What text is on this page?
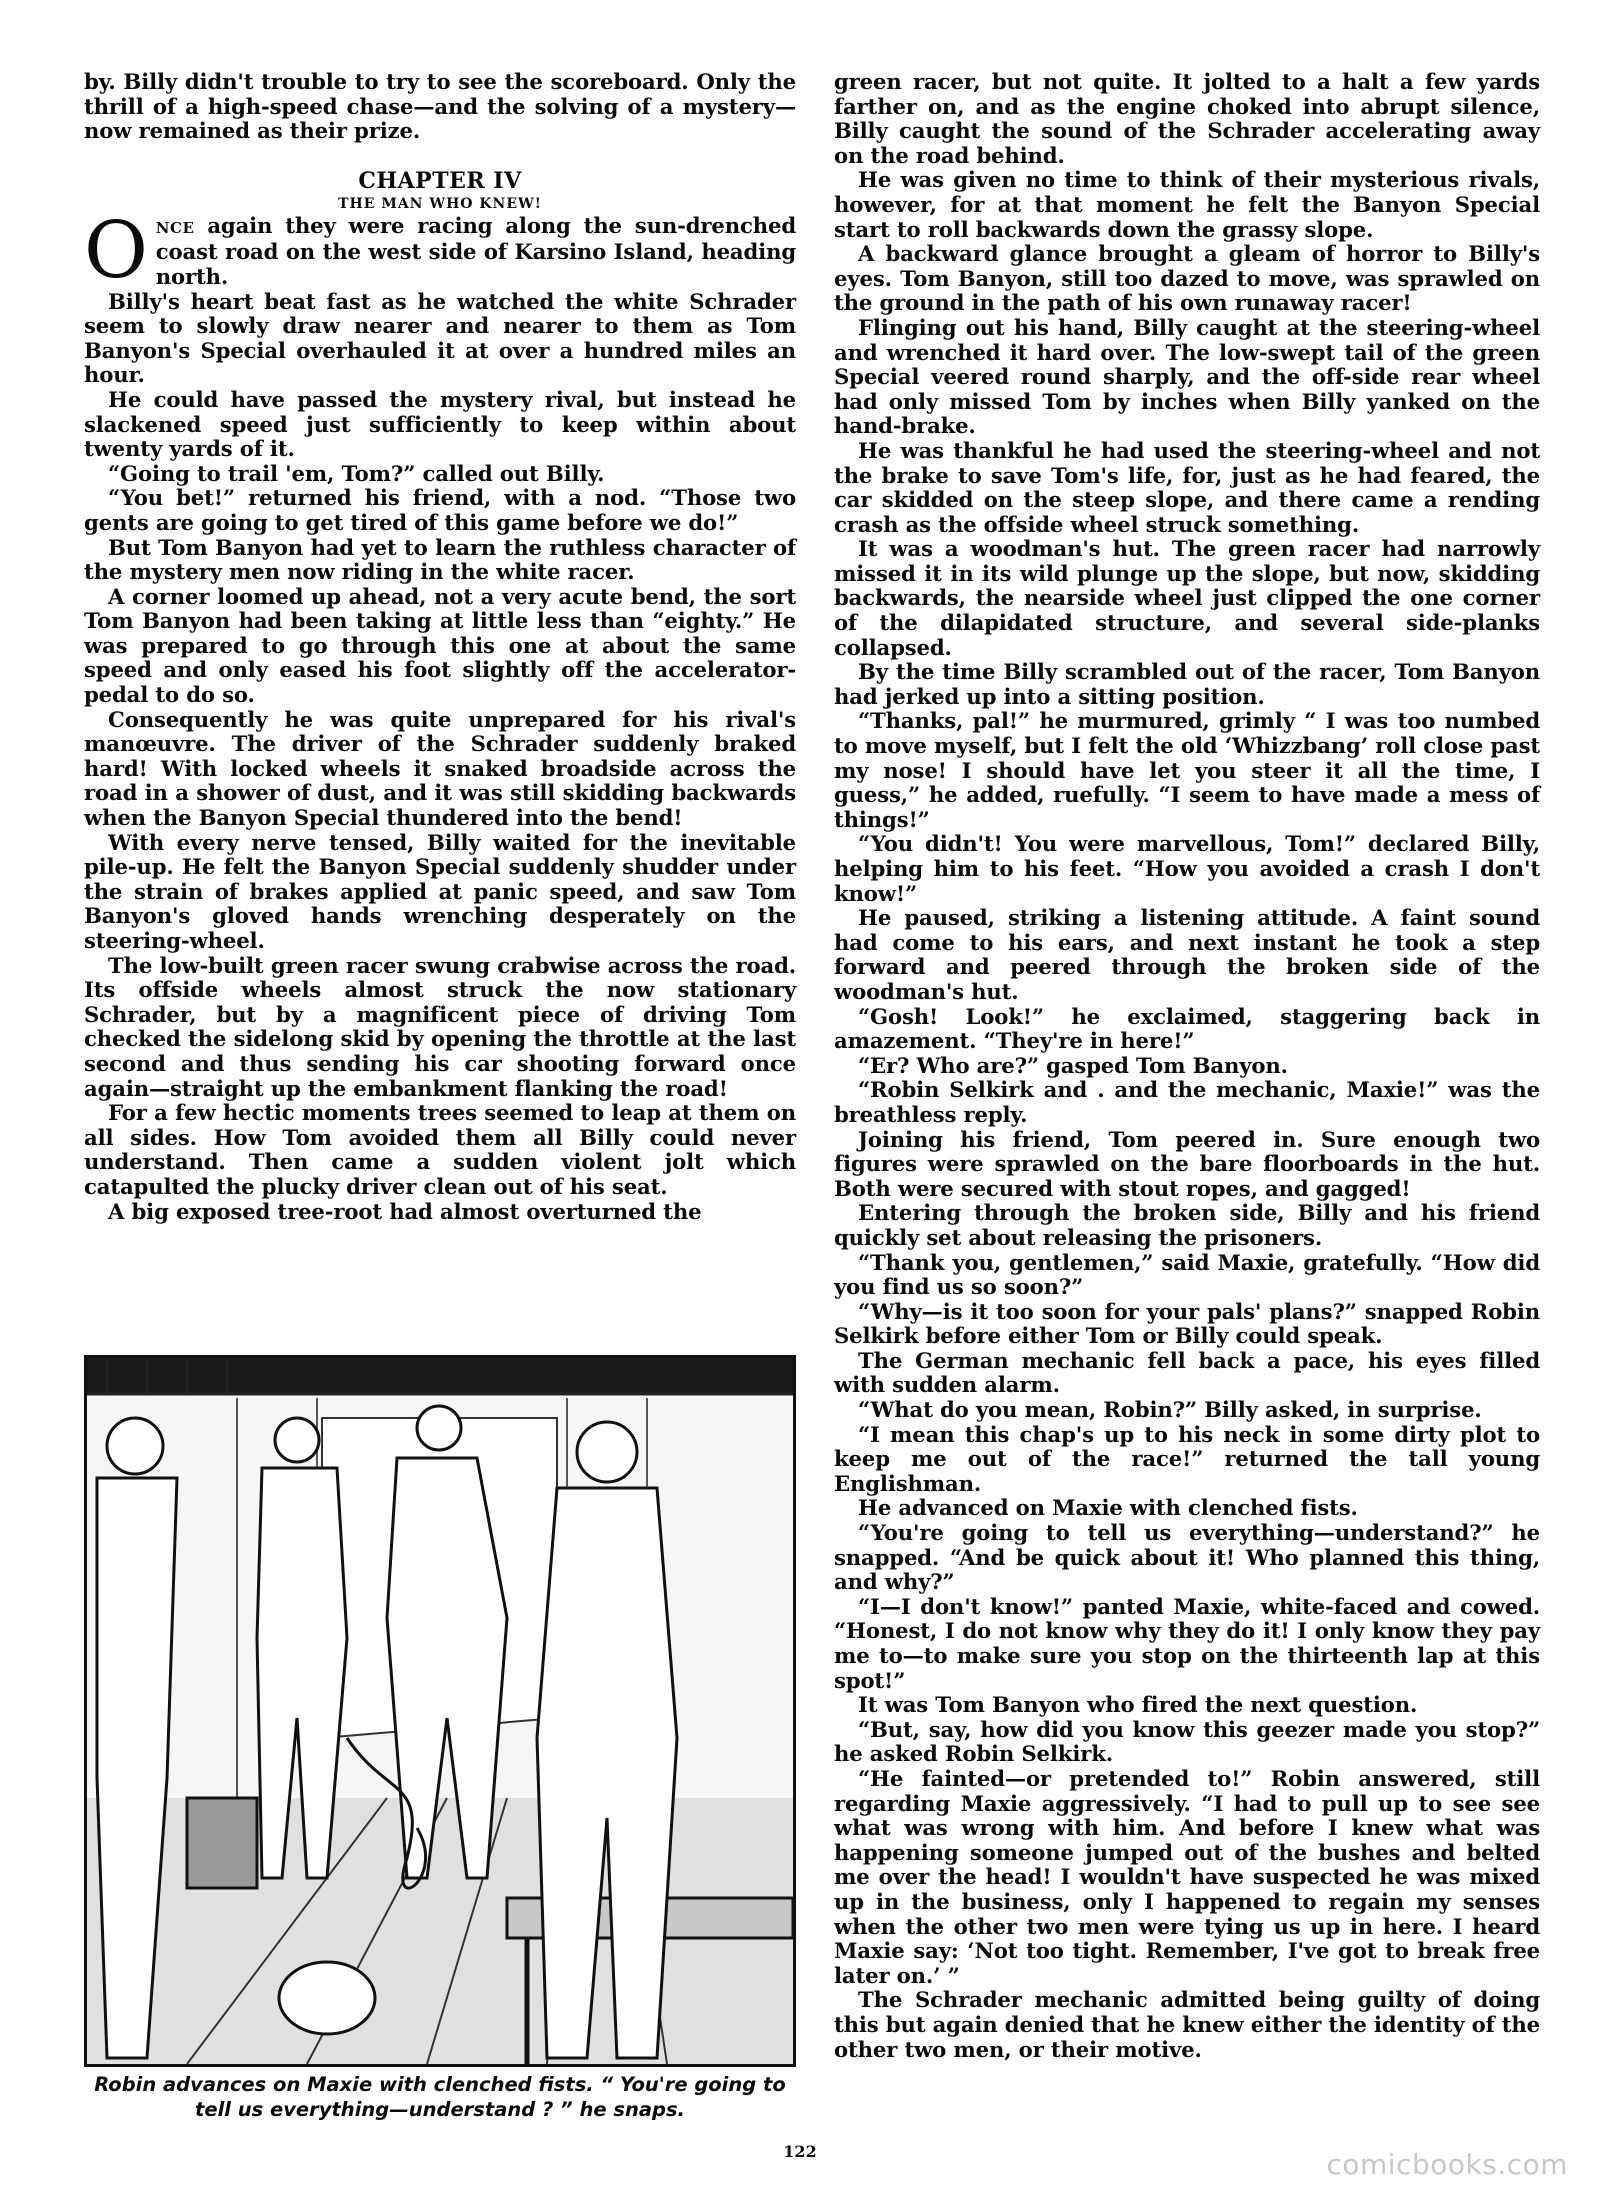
by. Billy didn't trouble to try to see the scoreboard. Only the thrill of a high-speed chase—and the solving of a mystery—now remained as their prize.

CHAPTER IV
THE MAN WHO KNEW!

ONCE again they were racing along the sun-drenched coast road on the west side of Karsino Island, heading north.

Billy's heart beat fast as he watched the white Schrader seem to slowly draw nearer and nearer to them as Tom Banyon's Special overhauled it at over a hundred miles an hour.

He could have passed the mystery rival, but instead he slackened speed just sufficiently to keep within about twenty yards of it.

“Going to trail 'em, Tom?” called out Billy.

“You bet!” returned his friend, with a nod. “Those two gents are going to get tired of this game before we do!”

But Tom Banyon had yet to learn the ruthless character of the mystery men now riding in the white racer.

A corner loomed up ahead, not a very acute bend, the sort Tom Banyon had been taking at little less than “eighty.” He was prepared to go through this one at about the same speed and only eased his foot slightly off the accelerator-pedal to do so.

Consequently he was quite unprepared for his rival's manœuvre. The driver of the Schrader suddenly braked hard! With locked wheels it snaked broadside across the road in a shower of dust, and it was still skidding backwards when the Banyon Special thundered into the bend!

With every nerve tensed, Billy waited for the inevitable pile-up. He felt the Banyon Special suddenly shudder under the strain of brakes applied at panic speed, and saw Tom Banyon's gloved hands wrenching desperately on the steering-wheel.

The low-built green racer swung crabwise across the road. Its offside wheels almost struck the now stationary Schrader, but by a magnificent piece of driving Tom checked the sidelong skid by opening the throttle at the last second and thus sending his car shooting forward once again—straight up the embankment flanking the road!

For a few hectic moments trees seemed to leap at them on all sides. How Tom avoided them all Billy could never understand. Then came a sudden violent jolt which catapulted the plucky driver clean out of his seat.

A big exposed tree-root had almost overturned the

Robin advances on Maxie with clenched fists. “ You're going to tell us everything—understand ? ” he snaps.

green racer, but not quite. It jolted to a halt a few yards farther on, and as the engine choked into abrupt silence, Billy caught the sound of the Schrader accelerating away on the road behind.

He was given no time to think of their mysterious rivals, however, for at that moment he felt the Banyon Special start to roll backwards down the grassy slope.

A backward glance brought a gleam of horror to Billy's eyes. Tom Banyon, still too dazed to move, was sprawled on the ground in the path of his own runaway racer!

Flinging out his hand, Billy caught at the steering-wheel and wrenched it hard over. The low-swept tail of the green Special veered round sharply, and the off-side rear wheel had only missed Tom by inches when Billy yanked on the hand-brake.

He was thankful he had used the steering-wheel and not the brake to save Tom's life, for, just as he had feared, the car skidded on the steep slope, and there came a rending crash as the offside wheel struck something.

It was a woodman's hut. The green racer had narrowly missed it in its wild plunge up the slope, but now, skidding backwards, the nearside wheel just clipped the one corner of the dilapidated structure, and several side-planks collapsed.

By the time Billy scrambled out of the racer, Tom Banyon had jerked up into a sitting position.

“Thanks, pal!” he murmured, grimly “ I was too numbed to move myself, but I felt the old ‘Whizzbang’ roll close past my nose! I should have let you steer it all the time, I guess,” he added, ruefully. “I seem to have made a mess of things!”

“You didn't! You were marvellous, Tom!” declared Billy, helping him to his feet. “How you avoided a crash I don't know!”

He paused, striking a listening attitude. A faint sound had come to his ears, and next instant he took a step forward and peered through the broken side of the woodman's hut.

“Gosh! Look!” he exclaimed, staggering back in amazement. “They're in here!”

“Er? Who are?” gasped Tom Banyon.

“Robin Selkirk and . and the mechanic, Maxie!” was the breathless reply.

Joining his friend, Tom peered in. Sure enough two figures were sprawled on the bare floorboards in the hut. Both were secured with stout ropes, and gagged!

Entering through the broken side, Billy and his friend quickly set about releasing the prisoners.

“Thank you, gentlemen,” said Maxie, gratefully. “How did you find us so soon?”

“Why—is it too soon for your pals' plans?” snapped Robin Selkirk before either Tom or Billy could speak.

The German mechanic fell back a pace, his eyes filled with sudden alarm.

“What do you mean, Robin?” Billy asked, in surprise.

“I mean this chap's up to his neck in some dirty plot to keep me out of the race!” returned the tall young Englishman.

He advanced on Maxie with clenched fists.

“You're going to tell us everything—understand?” he snapped. “And be quick about it! Who planned this thing, and why?”

“I—I don't know!” panted Maxie, white-faced and cowed. “Honest, I do not know why they do it! I only know they pay me to—to make sure you stop on the thirteenth lap at this spot!”

It was Tom Banyon who fired the next question.

“But, say, how did you know this geezer made you stop?” he asked Robin Selkirk.

“He fainted—or pretended to!” Robin answered, still regarding Maxie aggressively. “I had to pull up to see see what was wrong with him. And before I knew what was happening someone jumped out of the bushes and belted me over the head! I wouldn't have suspected he was mixed up in the business, only I happened to regain my senses when the other two men were tying us up in here. I heard Maxie say: ‘Not too tight. Remember, I've got to break free later on.’ ”

The Schrader mechanic admitted being guilty of doing this but again denied that he knew either the identity of the other two men, or their motive.

122	comicbooks.com
